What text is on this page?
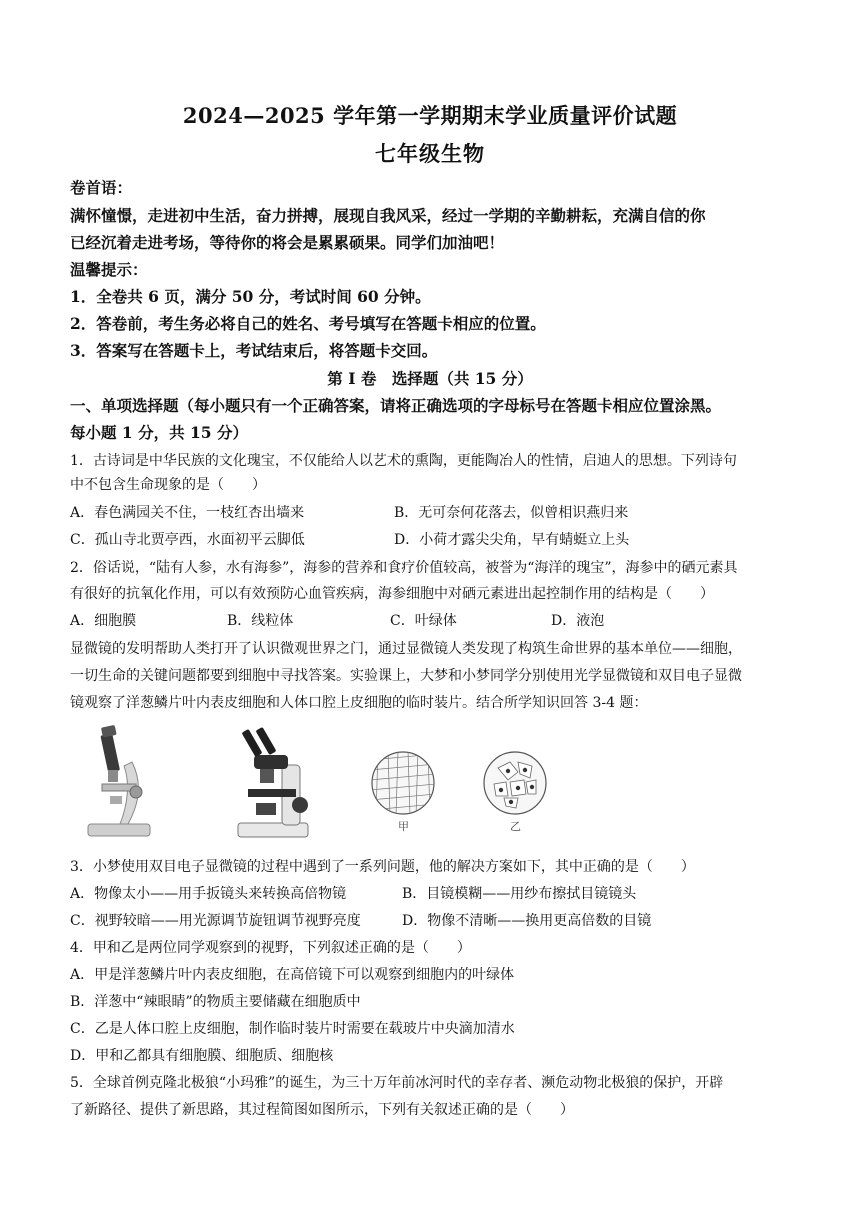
2024—2025 学年第一学期期末学业质量评价试题
七年级生物
卷首语：
满怀憧憬，走进初中生活，奋力拼搏，展现自我风采，经过一学期的辛勤耕耘，充满自信的你
已经沉着走进考场，等待你的将会是累累硕果。同学们加油吧！
温馨提示：
1．全卷共 6 页，满分 50 分，考试时间 60 分钟。
2．答卷前，考生务必将自己的姓名、考号填写在答题卡相应的位置。
3．答案写在答题卡上，考试结束后，将答题卡交回。
第 I 卷　选择题（共 15 分）
一、单项选择题（每小题只有一个正确答案，请将正确选项的字母标号在答题卡相应位置涂黑。
每小题 1 分，共 15 分）
1．古诗词是中华民族的文化瑰宝，不仅能给人以艺术的熏陶，更能陶冶人的性情，启迪人的思想。下列诗句
中不包含生命现象的是（　　）
A．春色满园关不住，一枝红杏出墙来	B．无可奈何花落去，似曾相识燕归来
C．孤山寺北贾亭西，水面初平云脚低	D．小荷才露尖尖角，早有蜻蜓立上头
2．俗话说，“陆有人参，水有海参”，海参的营养和食疗价值较高，被誉为“海洋的瑰宝”，海参中的硒元素具
有很好的抗氧化作用，可以有效预防心血管疾病，海参细胞中对硒元素进出起控制作用的结构是（　　）
A．细胞膜	B．线粒体	C．叶绿体	D．液泡
显微镜的发明帮助人类打开了认识微观世界之门，通过显微镜人类发现了构筑生命世界的基本单位——细胞，
一切生命的关键问题都要到细胞中寻找答案。实验课上，大梦和小梦同学分别使用光学显微镜和双目电子显微
镜观察了洋葱鳞片叶内表皮细胞和人体口腔上皮细胞的临时装片。结合所学知识回答 3-4 题：
甲	乙
3．小梦使用双目电子显微镜的过程中遇到了一系列问题，他的解决方案如下，其中正确的是（　　）
A．物像太小——用手扳镜头来转换高倍物镜	B．目镜模糊——用纱布擦拭目镜镜头
C．视野较暗——用光源调节旋钮调节视野亮度	D．物像不清晰——换用更高倍数的目镜
4．甲和乙是两位同学观察到的视野，下列叙述正确的是（　　）
A．甲是洋葱鳞片叶内表皮细胞，在高倍镜下可以观察到细胞内的叶绿体
B．洋葱中“辣眼睛”的物质主要储藏在细胞质中
C．乙是人体口腔上皮细胞，制作临时装片时需要在载玻片中央滴加清水
D．甲和乙都具有细胞膜、细胞质、细胞核
5．全球首例克隆北极狼“小玛雅”的诞生，为三十万年前冰河时代的幸存者、濒危动物北极狼的保护，开辟
了新路径、提供了新思路，其过程简图如图所示，下列有关叙述正确的是（　　）
